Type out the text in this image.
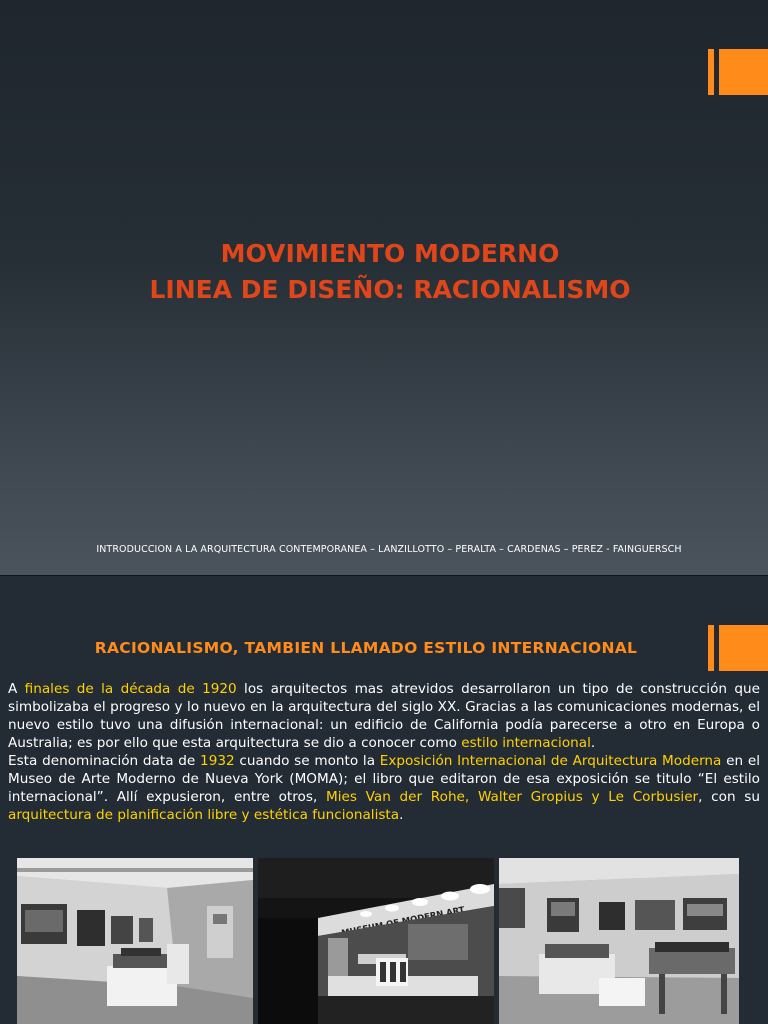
MOVIMIENTO MODERNO
LINEA DE DISEÑO: RACIONALISMO
INTRODUCCION A LA ARQUITECTURA CONTEMPORANEA – LANZILLOTTO – PERALTA – CARDENAS – PEREZ - FAINGUERSCH
RACIONALISMO, TAMBIEN LLAMADO ESTILO INTERNACIONAL

A finales de la década de 1920 los arquitectos mas atrevidos desarrollaron un tipo de construcción que simbolizaba el progreso y lo nuevo en la arquitectura del siglo XX. Gracias a las comunicaciones modernas, el nuevo estilo tuvo una difusión internacional: un edificio de California podía parecerse a otro en Europa o Australia; es por ello que esta arquitectura se dio a conocer como estilo internacional.

Esta denominación data de 1932 cuando se monto la Exposición Internacional de Arquitectura Moderna en el Museo de Arte Moderno de Nueva York (MOMA); el libro que editaron de esa exposición se titulo “El estilo internacional”. Allí expusieron, entre otros, Mies Van der Rohe, Walter Gropius y Le Corbusier, con su arquitectura de planificación libre y estética funcionalista.
